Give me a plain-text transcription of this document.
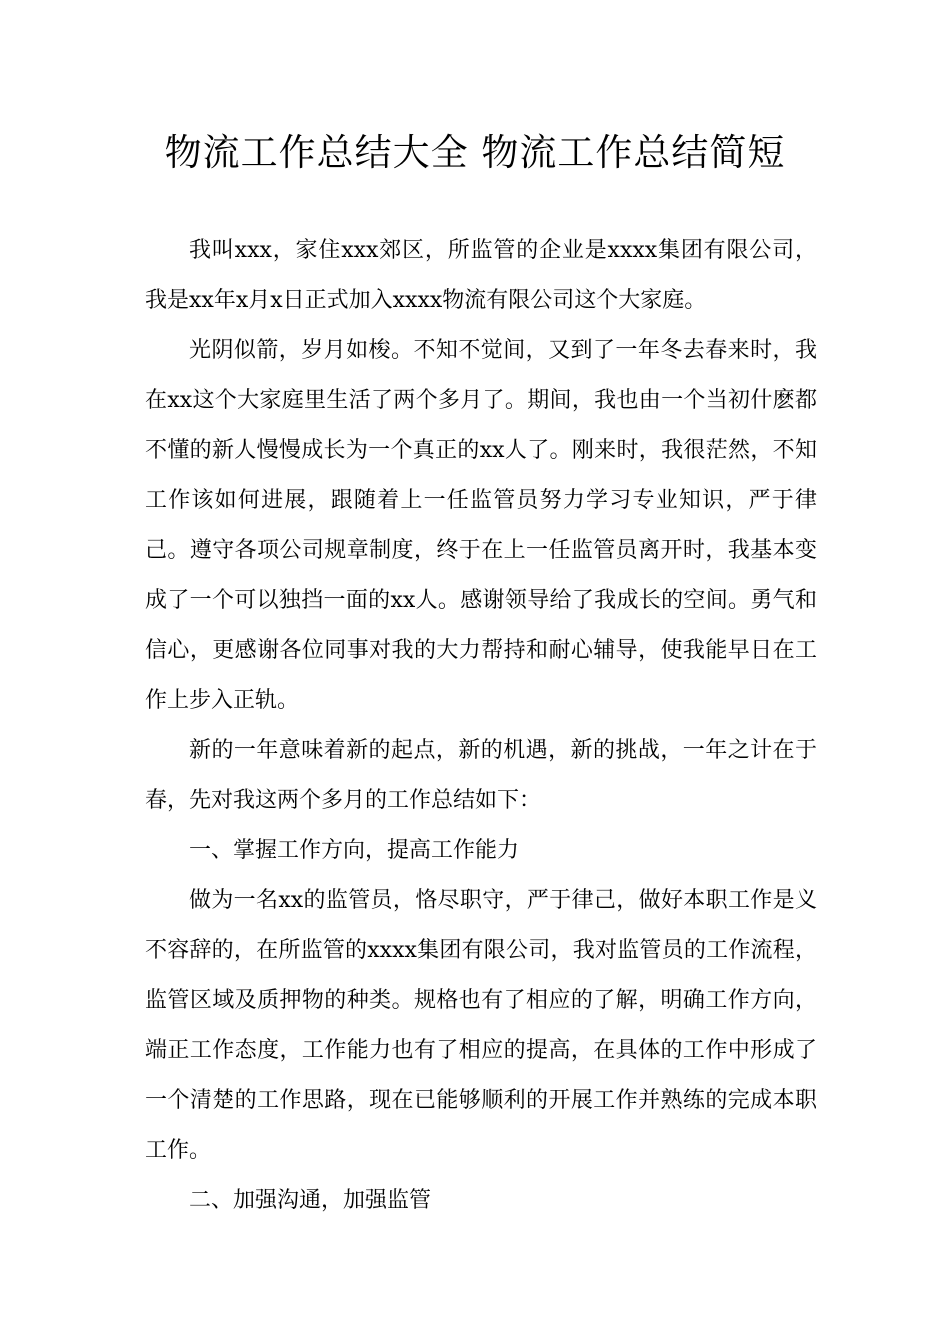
物流工作总结大全 物流工作总结简短

我叫xxx，家住xxx郊区，所监管的企业是xxxx集团有限公司，我是xx年x月x日正式加入xxxx物流有限公司这个大家庭。

光阴似箭，岁月如梭。不知不觉间，又到了一年冬去春来时，我在xx这个大家庭里生活了两个多月了。期间，我也由一个当初什麽都不懂的新人慢慢成长为一个真正的xx人了。刚来时，我很茫然，不知工作该如何进展，跟随着上一任监管员努力学习专业知识，严于律己。遵守各项公司规章制度，终于在上一任监管员离开时，我基本变成了一个可以独挡一面的xx人。感谢领导给了我成长的空间。勇气和信心，更感谢各位同事对我的大力帮持和耐心辅导，使我能早日在工作上步入正轨。

新的一年意味着新的起点，新的机遇，新的挑战，一年之计在于春，先对我这两个多月的工作总结如下：

一、掌握工作方向，提高工作能力

做为一名xx的监管员，恪尽职守，严于律己，做好本职工作是义不容辞的，在所监管的xxxx集团有限公司，我对监管员的工作流程，监管区域及质押物的种类。规格也有了相应的了解，明确工作方向，端正工作态度，工作能力也有了相应的提高，在具体的工作中形成了一个清楚的工作思路，现在已能够顺利的开展工作并熟练的完成本职工作。

二、加强沟通，加强监管
